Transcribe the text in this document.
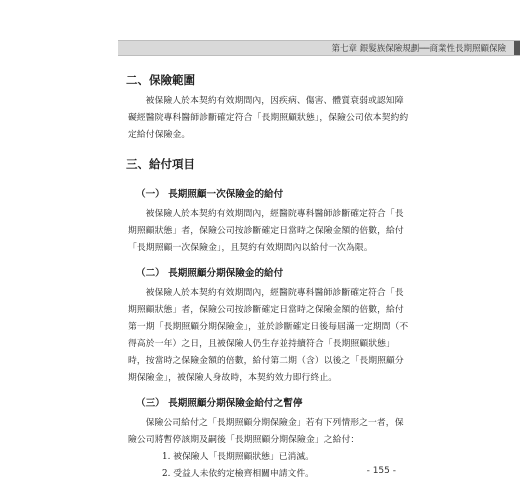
第七章 銀髮族保險規劃──商業性長期照顧保險
二、保險範圍

被保險人於本契約有效期間內，因疾病、傷害、體質衰弱或認知障礙經醫院專科醫師診斷確定符合「長期照顧狀態」，保險公司依本契約約定給付保險金。

三、給付項目
（一） 長期照顧一次保險金的給付

被保險人於本契約有效期間內，經醫院專科醫師診斷確定符合「長期照顧狀態」者，保險公司按診斷確定日當時之保險金額的倍數，給付「長期照顧一次保險金」，且契約有效期間內以給付一次為限。

（二） 長期照顧分期保險金的給付

被保險人於本契約有效期間內，經醫院專科醫師診斷確定符合「長期照顧狀態」者，保險公司按診斷確定日當時之保險金額的倍數，給付第一期「長期照顧分期保險金」，並於診斷確定日後每屆滿一定期間（不得高於一年）之日，且被保險人仍生存並持續符合「長期照顧狀態」時，按當時之保險金額的倍數，給付第二期（含）以後之「長期照顧分期保險金」，被保險人身故時，本契約效力即行終止。

（三） 長期照顧分期保險金給付之暫停

保險公司給付之「長期照顧分期保險金」若有下列情形之一者，保險公司將暫停該期及嗣後「長期照顧分期保險金」之給付：

1. 被保險人「長期照顧狀態」已消滅。
2. 受益人未依約定檢齊相關申請文件。	- 155 -
